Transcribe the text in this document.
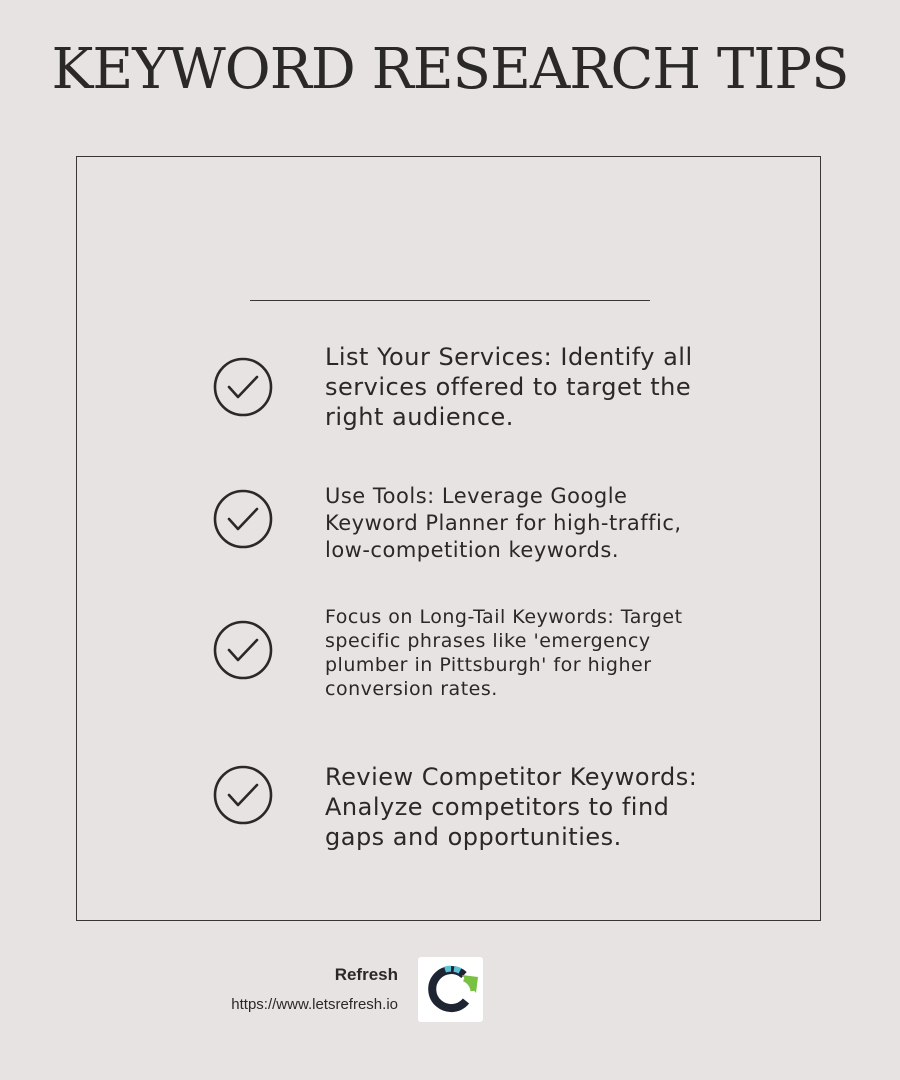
KEYWORD RESEARCH TIPS
List Your Services: Identify all
services offered to target the
right audience.
Use Tools: Leverage Google
Keyword Planner for high-traffic,
low-competition keywords.
Focus on Long-Tail Keywords: Target
specific phrases like 'emergency
plumber in Pittsburgh' for higher
conversion rates.
Review Competitor Keywords:
Analyze competitors to find
gaps and opportunities.
Refresh
https://www.letsrefresh.io
